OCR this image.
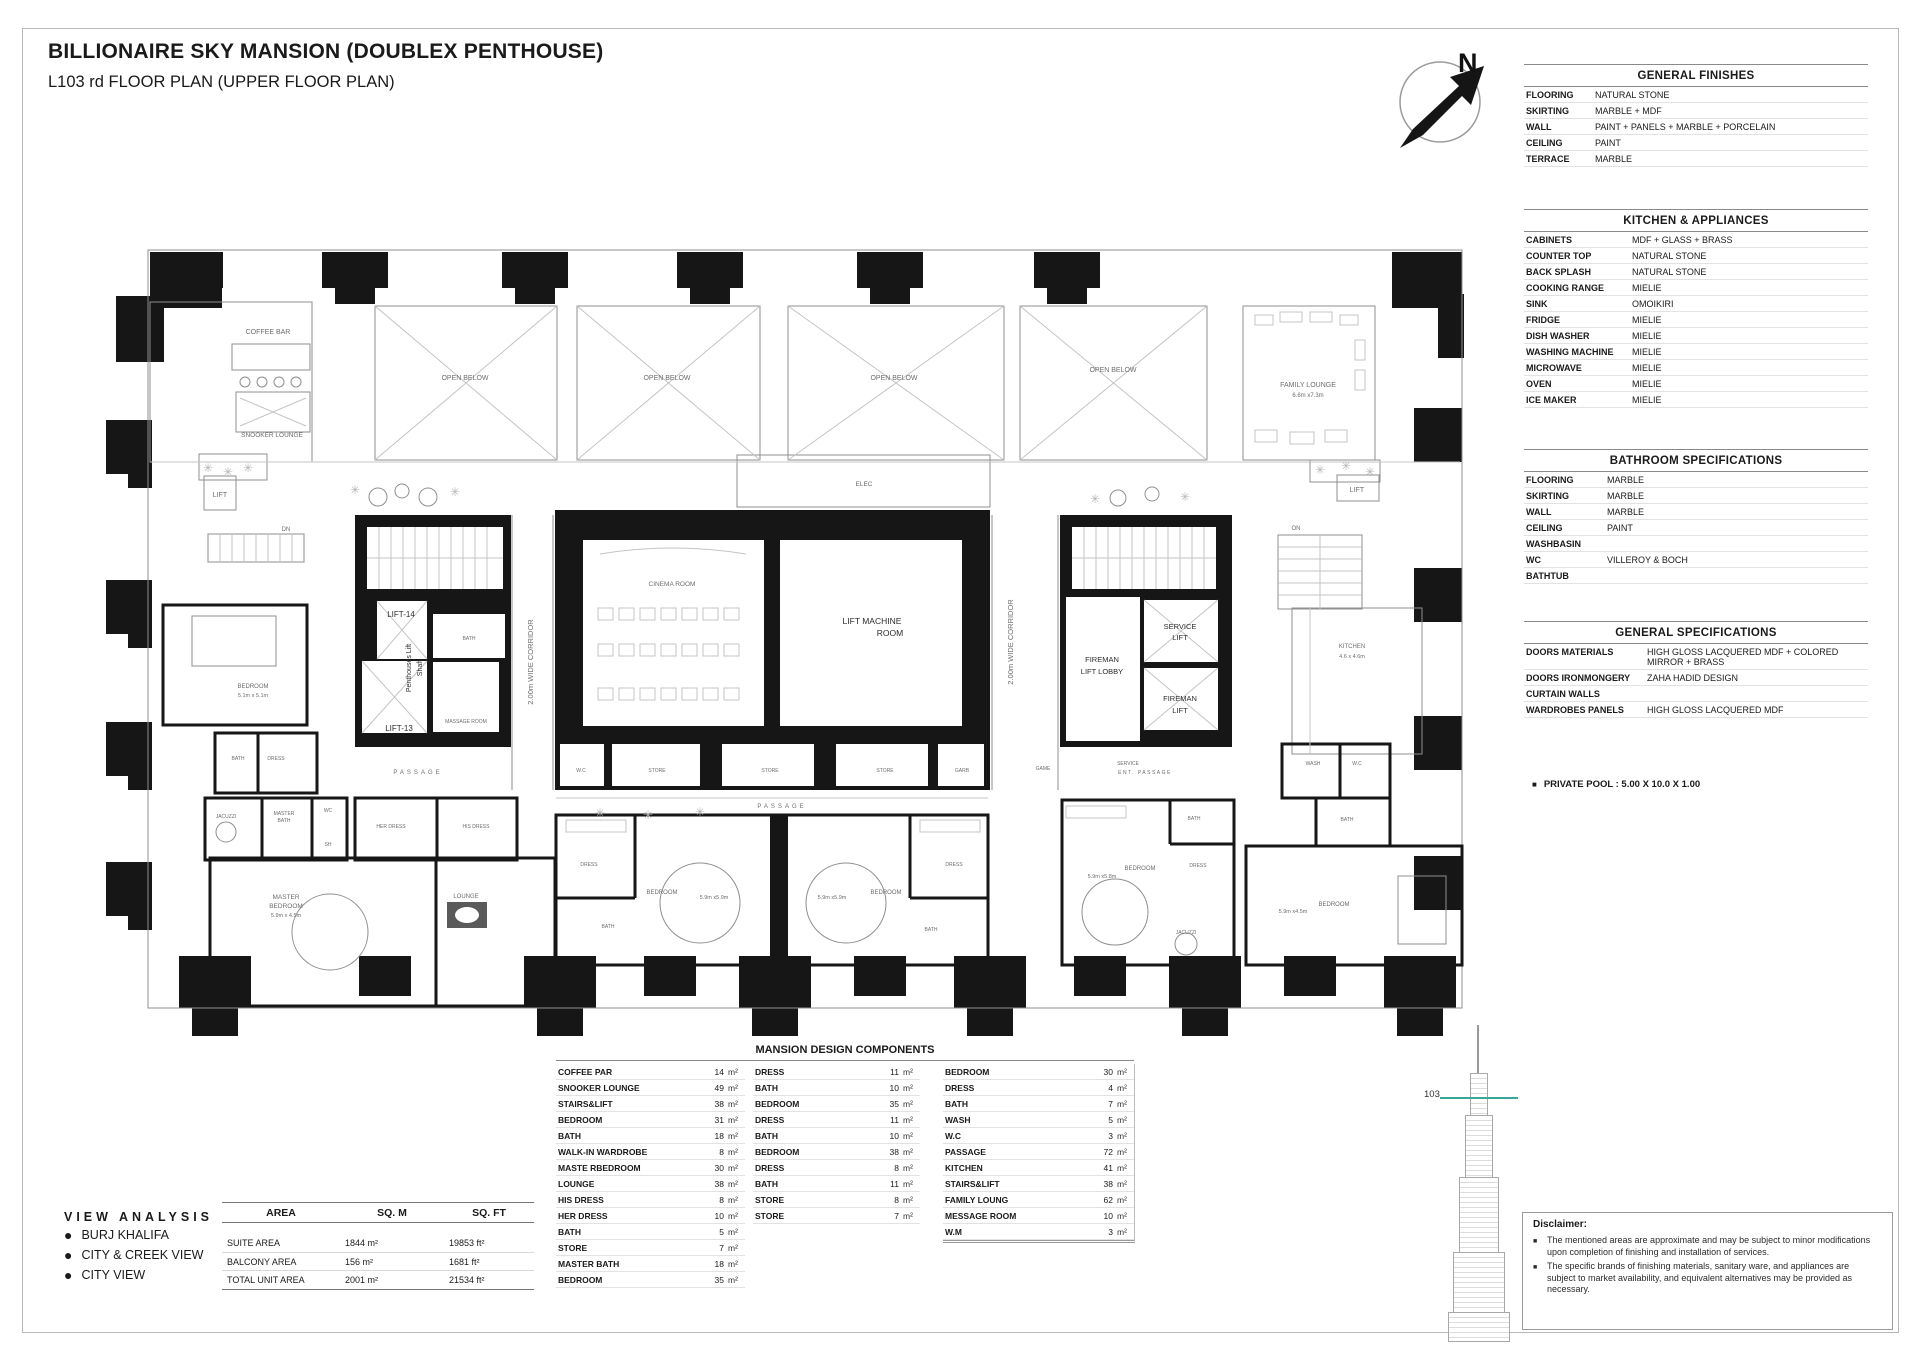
BILLIONAIRE SKY MANSION (DOUBLEX PENTHOUSE)
L103 rd FLOOR PLAN (UPPER FLOOR PLAN)
N
✳ ✳ ✳
✳	✳
✳	✳	✳
✳	✳
✳ ✳ ✳
COFFEE BAR
SNOOKER LOUNGE
OPEN BELOW	OPEN BELOW	OPEN BELOW
OPEN BELOW
FAMILY LOUNGE
6.6m x7.3m
LIFT
LIFT
DN	ON
ELEC
CINEMA ROOM
LIFT MACHINE
ROOM
2.00m WIDE CORRIDOR	2.00m WIDE CORRIDOR
LIFT-14
Penthouses Lift Shaft
LIFT-13
BATH
MASSAGE ROOM
SERVICE
LIFT
FIREMAN
LIFT LOBBY
FIREMAN
LIFT
KITCHEN
4.6 x 4.6m
BEDROOM
5.1m x 5.1m
BATH	DRESS
PASSAGE
PASSAGE
SERVICE
ENT. PASSAGE
W.C	STORE	STORE	STORE	GARB	GAME
JACUZZI	MASTER
BATH
WC
SH
HER DRESS	HIS DRESS
MASTER
BEDROOM
5.9m x 4.5m
LOUNGE
DRESS	DRESS
BEDROOM
5.9m x5.9m	5.9m x5.9m
BEDROOM
BATH	BATH
BEDROOM
5.9m x5.8m
DRESS
BATH
JACUZZI
WASH	W.C
BATH
BEDROOM
5.9m x4.5m
103
GENERAL FINISHES
FLOORING	NATURAL STONE
SKIRTING	MARBLE + MDF
WALL	PAINT + PANELS + MARBLE + PORCELAIN
CEILING	PAINT
TERRACE	MARBLE
KITCHEN & APPLIANCES
CABINETS	MDF + GLASS + BRASS
COUNTER TOP	NATURAL STONE
BACK SPLASH	NATURAL STONE
COOKING RANGE	MIELIE
SINK	OMOIKIRI
FRIDGE	MIELIE
DISH WASHER	MIELIE
WASHING MACHINE	MIELIE
MICROWAVE	MIELIE
OVEN	MIELIE
ICE MAKER	MIELIE
BATHROOM SPECIFICATIONS
FLOORING	MARBLE
SKIRTING	MARBLE
WALL	MARBLE
CEILING	PAINT
WASHBASIN
WC	VILLEROY & BOCH
BATHTUB
GENERAL SPECIFICATIONS
DOORS MATERIALS	HIGH GLOSS LACQUERED MDF + COLORED MIRROR + BRASS
DOORS IRONMONGERY	ZAHA HADID DESIGN
CURTAIN WALLS
WARDROBES PANELS	HIGH GLOSS LACQUERED MDF
■ PRIVATE POOL : 5.00 X 10.0 X 1.00
Disclaimer:
■	The mentioned areas are approximate and may be subject to minor modifications upon completion of finishing and installation of services.
■	The specific brands of finishing materials, sanitary ware, and appliances are subject to market availability, and equivalent alternatives may be provided as necessary.
MANSION DESIGN COMPONENTS
COFFEE PAR	14 m²
SNOOKER LOUNGE	49 m²
STAIRS&LIFT	38 m²
BEDROOM	31 m²
BATH	18 m²
WALK-IN WARDROBE	8 m²
MASTE RBEDROOM	30 m²
LOUNGE	38 m²
HIS DRESS	8 m²
HER DRESS	10 m²
BATH	5 m²
STORE	7 m²
MASTER BATH	18 m²
BEDROOM	35 m²
DRESS	11 m²
BATH	10 m²
BEDROOM	35 m²
DRESS	11 m²
BATH	10 m²
BEDROOM	38 m²
DRESS	8 m²
BATH	11 m²
STORE	8 m²
STORE	7 m²
BEDROOM	30 m²
DRESS	4 m²
BATH	7 m²
WASH	5 m²
W.C	3 m²
PASSAGE	72 m²
KITCHEN	41 m²
STAIRS&LIFT	38 m²
FAMILY LOUNG	62 m²
MESSAGE ROOM	10 m²
W.M	3 m²
VIEW ANALYSIS
● BURJ KHALIFA
● CITY & CREEK VIEW
● CITY VIEW
AREA	SQ. M	SQ. FT
SUITE AREA	1844 m²	19853 ft²
BALCONY AREA	156 m²	1681 ft²
TOTAL UNIT AREA	2001 m²	21534 ft²
